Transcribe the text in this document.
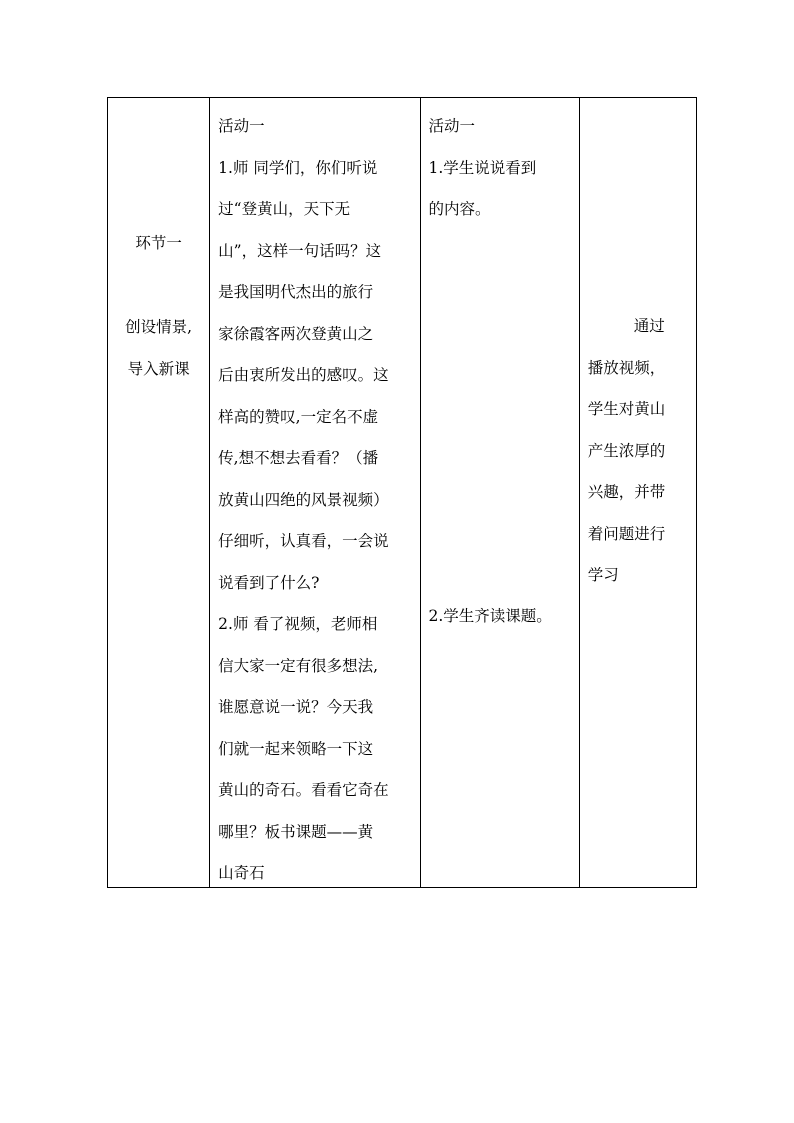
环节一
创设情景,
导入新课

活动一
1.师 同学们，你们听说
过“登黄山，天下无
山”，这样一句话吗？这
是我国明代杰出的旅行
家徐霞客两次登黄山之
后由衷所发出的感叹。这
样高的赞叹,一定名不虚
传,想不想去看看？（播
放黄山四绝的风景视频）
仔细听，认真看，一会说
说看到了什么?
2.师 看了视频，老师相
信大家一定有很多想法,
谁愿意说一说？今天我
们就一起来领略一下这
黄山的奇石。看看它奇在
哪里？板书课题——黄
山奇石

活动一
1.学生说说看到
的内容。
2.学生齐读课题。

通过
播放视频，
学生对黄山
产生浓厚的
兴趣，并带
着问题进行
学习
